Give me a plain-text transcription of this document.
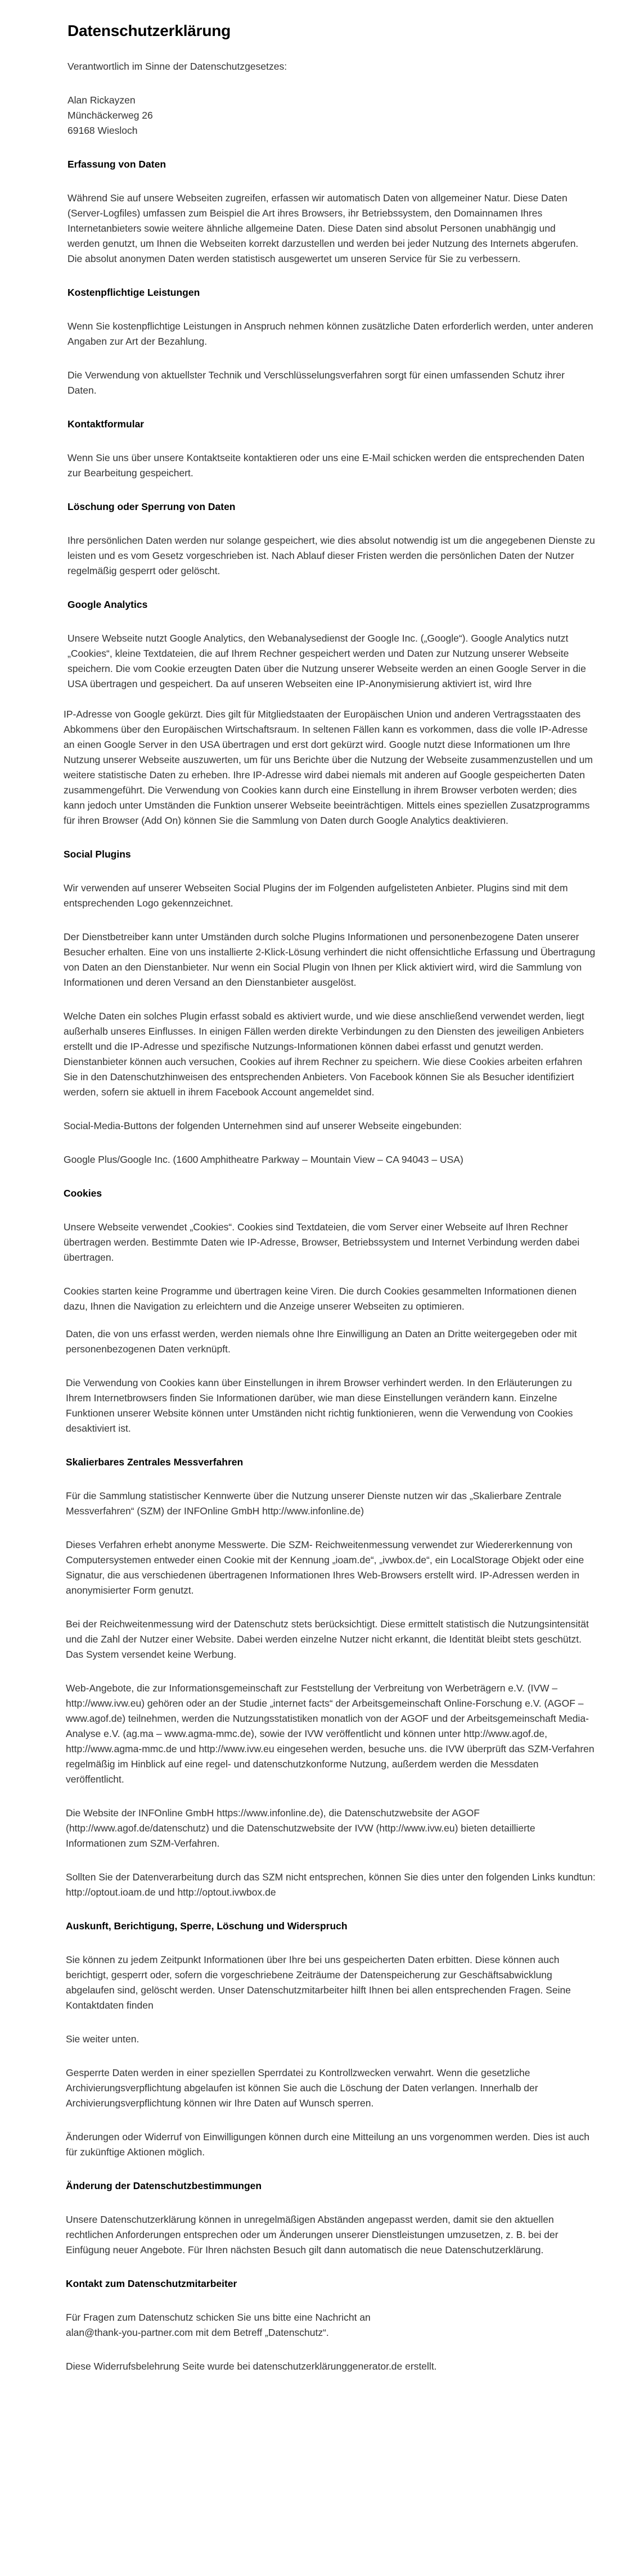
Datenschutzerklärung

Verantwortlich im Sinne der Datenschutzgesetzes:

Alan Rickayzen

Münchäckerweg 26

69168 Wiesloch

Erfassung von Daten

Während Sie auf unsere Webseiten zugreifen, erfassen wir automatisch Daten von allgemeiner Natur. Diese Daten (Server-Logfiles) umfassen zum Beispiel die Art ihres Browsers, ihr Betriebssystem, den Domainnamen Ihres Internetanbieters sowie weitere ähnliche allgemeine Daten. Diese Daten sind absolut Personen unabhängig und werden genutzt, um Ihnen die Webseiten korrekt darzustellen und werden bei jeder Nutzung des Internets abgerufen. Die absolut anonymen Daten werden statistisch ausgewertet um unseren Service für Sie zu verbessern.

Kostenpflichtige Leistungen

Wenn Sie kostenpflichtige Leistungen in Anspruch nehmen können zusätzliche Daten erforderlich werden, unter anderen Angaben zur Art der Bezahlung.

Die Verwendung von aktuellster Technik und Verschlüsselungsverfahren sorgt für einen umfassenden Schutz ihrer Daten.

Kontaktformular

Wenn Sie uns über unsere Kontaktseite kontaktieren oder uns eine E-Mail schicken werden die entsprechenden Daten zur Bearbeitung gespeichert.

Löschung oder Sperrung von Daten

Ihre persönlichen Daten werden nur solange gespeichert, wie dies absolut notwendig ist um die angegebenen Dienste zu leisten und es vom Gesetz vorgeschrieben ist. Nach Ablauf dieser Fristen werden die persönlichen Daten der Nutzer regelmäßig gesperrt oder gelöscht.

Google Analytics

Unsere Webseite nutzt Google Analytics, den Webanalysedienst der Google Inc. („Google“). Google Analytics nutzt „Cookies“, kleine Textdateien, die auf Ihrem Rechner gespeichert werden und Daten zur Nutzung unserer Webseite speichern. Die vom Cookie erzeugten Daten über die Nutzung unserer Webseite werden an einen Google Server in die USA übertragen und gespeichert. Da auf unseren Webseiten eine IP-Anonymisierung aktiviert ist, wird Ihre

IP-Adresse von Google gekürzt. Dies gilt für Mitgliedstaaten der Europäischen Union und anderen Vertragsstaaten des Abkommens über den Europäischen Wirtschaftsraum. In seltenen Fällen kann es vorkommen, dass die volle IP-Adresse an einen Google Server in den USA übertragen und erst dort gekürzt wird. Google nutzt diese Informationen um Ihre Nutzung unserer Webseite auszuwerten, um für uns Berichte über die Nutzung der Webseite zusammenzustellen und um weitere statistische Daten zu erheben. Ihre IP-Adresse wird dabei niemals mit anderen auf Google gespeicherten Daten zusammengeführt. Die Verwendung von Cookies kann durch eine Einstellung in ihrem Browser verboten werden; dies kann jedoch unter Umständen die Funktion unserer Webseite beeinträchtigen. Mittels eines speziellen Zusatzprogramms für ihren Browser (Add On) können Sie die Sammlung von Daten durch Google Analytics deaktivieren.

Social Plugins

Wir verwenden auf unserer Webseiten Social Plugins der im Folgenden aufgelisteten Anbieter. Plugins sind mit dem entsprechenden Logo gekennzeichnet.

Der Dienstbetreiber kann unter Umständen durch solche Plugins Informationen und personenbezogene Daten unserer Besucher erhalten. Eine von uns installierte 2-Klick-Lösung verhindert die nicht offensichtliche Erfassung und Übertragung von Daten an den Dienstanbieter. Nur wenn ein Social Plugin von Ihnen per Klick aktiviert wird, wird die Sammlung von Informationen und deren Versand an den Dienstanbieter ausgelöst.

Welche Daten ein solches Plugin erfasst sobald es aktiviert wurde, und wie diese anschließend verwendet werden, liegt außerhalb unseres Einflusses. In einigen Fällen werden direkte Verbindungen zu den Diensten des jeweiligen Anbieters erstellt und die IP-Adresse und spezifische Nutzungs-Informationen können dabei erfasst und genutzt werden. Dienstanbieter können auch versuchen, Cookies auf ihrem Rechner zu speichern. Wie diese Cookies arbeiten erfahren Sie in den Datenschutzhinweisen des entsprechenden Anbieters. Von Facebook können Sie als Besucher identifiziert werden, sofern sie aktuell in ihrem Facebook Account angemeldet sind.

Social-Media-Buttons der folgenden Unternehmen sind auf unserer Webseite eingebunden:

Google Plus/Google Inc. (1600 Amphitheatre Parkway – Mountain View – CA 94043 – USA)

Cookies

Unsere Webseite verwendet „Cookies“. Cookies sind Textdateien, die vom Server einer Webseite auf Ihren Rechner übertragen werden. Bestimmte Daten wie IP-Adresse, Browser, Betriebssystem und Internet Verbindung werden dabei übertragen.

Cookies starten keine Programme und übertragen keine Viren. Die durch Cookies gesammelten Informationen dienen dazu, Ihnen die Navigation zu erleichtern und die Anzeige unserer Webseiten zu optimieren.

Daten, die von uns erfasst werden, werden niemals ohne Ihre Einwilligung an Daten an Dritte weitergegeben oder mit personenbezogenen Daten verknüpft.

Die Verwendung von Cookies kann über Einstellungen in ihrem Browser verhindert werden. In den Erläuterungen zu Ihrem Internetbrowsers finden Sie Informationen darüber, wie man diese Einstellungen verändern kann. Einzelne Funktionen unserer Website können unter Umständen nicht richtig funktionieren, wenn die Verwendung von Cookies desaktiviert ist.

Skalierbares Zentrales Messverfahren

Für die Sammlung statistischer Kennwerte über die Nutzung unserer Dienste nutzen wir das „Skalierbare Zentrale Messverfahren“ (SZM) der INFOnline GmbH http://www.infonline.de)

Dieses Verfahren erhebt anonyme Messwerte. Die SZM- Reichweitenmessung verwendet zur Wiedererkennung von Computersystemen entweder einen Cookie mit der Kennung „ioam.de“, „ivwbox.de“, ein LocalStorage Objekt oder eine Signatur, die aus verschiedenen übertragenen Informationen Ihres Web-Browsers erstellt wird. IP-Adressen werden in anonymisierter Form genutzt.

Bei der Reichweitenmessung wird der Datenschutz stets berücksichtigt. Diese ermittelt statistisch die Nutzungsintensität und die Zahl der Nutzer einer Website. Dabei werden einzelne Nutzer nicht erkannt, die Identität bleibt stets geschützt. Das System versendet keine Werbung.

Web-Angebote, die zur Informationsgemeinschaft zur Feststellung der Verbreitung von Werbeträgern e.V. (IVW – http://www.ivw.eu) gehören oder an der Studie „internet facts“ der Arbeitsgemeinschaft Online-Forschung e.V. (AGOF – www.agof.de) teilnehmen, werden die Nutzungsstatistiken monatlich von der AGOF und der Arbeitsgemeinschaft Media-Analyse e.V. (ag.ma – www.agma-mmc.de), sowie der IVW veröffentlicht und können unter http://www.agof.de, http://www.agma-mmc.de und http://www.ivw.eu eingesehen werden, besuche uns. die IVW überprüft das SZM-Verfahren regelmäßig im Hinblick auf eine regel- und datenschutzkonforme Nutzung, außerdem werden die Messdaten veröffentlicht.

Die Website der INFOnline GmbH https://www.infonline.de), die Datenschutzwebsite der AGOF (http://www.agof.de/datenschutz) und die Datenschutzwebsite der IVW (http://www.ivw.eu) bieten detaillierte Informationen zum SZM-Verfahren.

Sollten Sie der Datenverarbeitung durch das SZM nicht entsprechen, können Sie dies unter den folgenden Links kundtun: http://optout.ioam.de und http://optout.ivwbox.de

Auskunft, Berichtigung, Sperre, Löschung und Widerspruch

Sie können zu jedem Zeitpunkt Informationen über Ihre bei uns gespeicherten Daten erbitten. Diese können auch berichtigt, gesperrt oder, sofern die vorgeschriebene Zeiträume der Datenspeicherung zur Geschäftsabwicklung abgelaufen sind, gelöscht werden. Unser Datenschutzmitarbeiter hilft Ihnen bei allen entsprechenden Fragen. Seine Kontaktdaten finden

Sie weiter unten.

Gesperrte Daten werden in einer speziellen Sperrdatei zu Kontrollzwecken verwahrt. Wenn die gesetzliche Archivierungsverpflichtung abgelaufen ist können Sie auch die Löschung der Daten verlangen. Innerhalb der Archivierungsverpflichtung können wir Ihre Daten auf Wunsch sperren.

Änderungen oder Widerruf von Einwilligungen können durch eine Mitteilung an uns vorgenommen werden. Dies ist auch für zukünftige Aktionen möglich.

Änderung der Datenschutzbestimmungen

Unsere Datenschutzerklärung können in unregelmäßigen Abständen angepasst werden, damit sie den aktuellen rechtlichen Anforderungen entsprechen oder um Änderungen unserer Dienstleistungen umzusetzen, z. B. bei der Einfügung neuer Angebote. Für Ihren nächsten Besuch gilt dann automatisch die neue Datenschutzerklärung.

Kontakt zum Datenschutzmitarbeiter

Für Fragen zum Datenschutz schicken Sie uns bitte eine Nachricht an

alan@thank-you-partner.com mit dem Betreff „Datenschutz“.

Diese Widerrufsbelehrung Seite wurde bei datenschutzerklärunggenerator.de erstellt.
